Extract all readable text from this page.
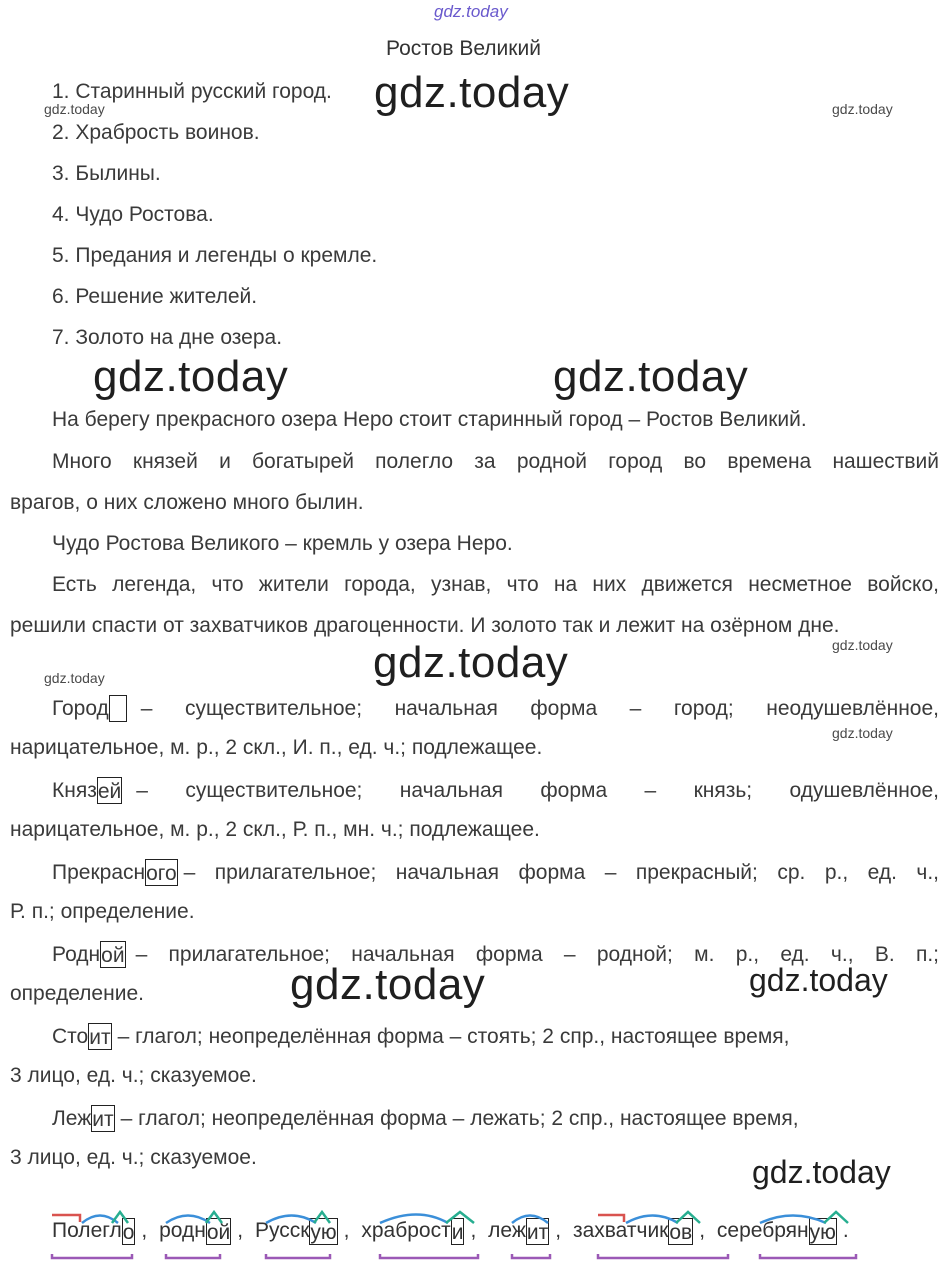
gdz.today
gdz.today
gdz.today	gdz.today
gdz.today	gdz.today
gdz.today	gdz.today
gdz.today
gdz.today
gdz.today	gdz.today
gdz.today
Ростов Великий
1. Старинный русский город.
2. Храбрость воинов.
3. Былины.
4. Чудо Ростова.
5. Предания и легенды о кремле.
6. Решение жителей.
7. Золото на дне озера.
На берегу прекрасного озера Неро стоит старинный город – Ростов Великий.
Много князей и богатырей полегло за родной город во времена нашествий
врагов, о них сложено много былин.
Чудо Ростова Великого – кремль у озера Неро.
Есть легенда, что жители города, узнав, что на них движется несметное войско,
решили спасти от захватчиков драгоценности. И золото так и лежит на озёрном дне.
Город – существительное; начальная форма – город; неодушевлённое,
нарицательное, м. р., 2 скл., И. п., ед. ч.; подлежащее.
Княз ей – существительное; начальная форма – князь; одушевлённое,
нарицательное, м. р., 2 скл., Р. п., мн. ч.; подлежащее.
Прекрасн ого – прилагательное; начальная форма – прекрасный; ср. р., ед. ч.,
Р. п.; определение.
Родн ой – прилагательное; начальная форма – родной; м. р., ед. ч., В. п.;
определение.
Сто ит – глагол; неопределённая форма – стоять; 2 спр., настоящее время,
3 лицо, ед. ч.; сказуемое.
Леж ит – глагол; неопределённая форма – лежать; 2 спр., настоящее время,
3 лицо, ед. ч.; сказуемое.
Полегло , родной , Русскую , храбрости , лежит , захватчиков , серебряную .
